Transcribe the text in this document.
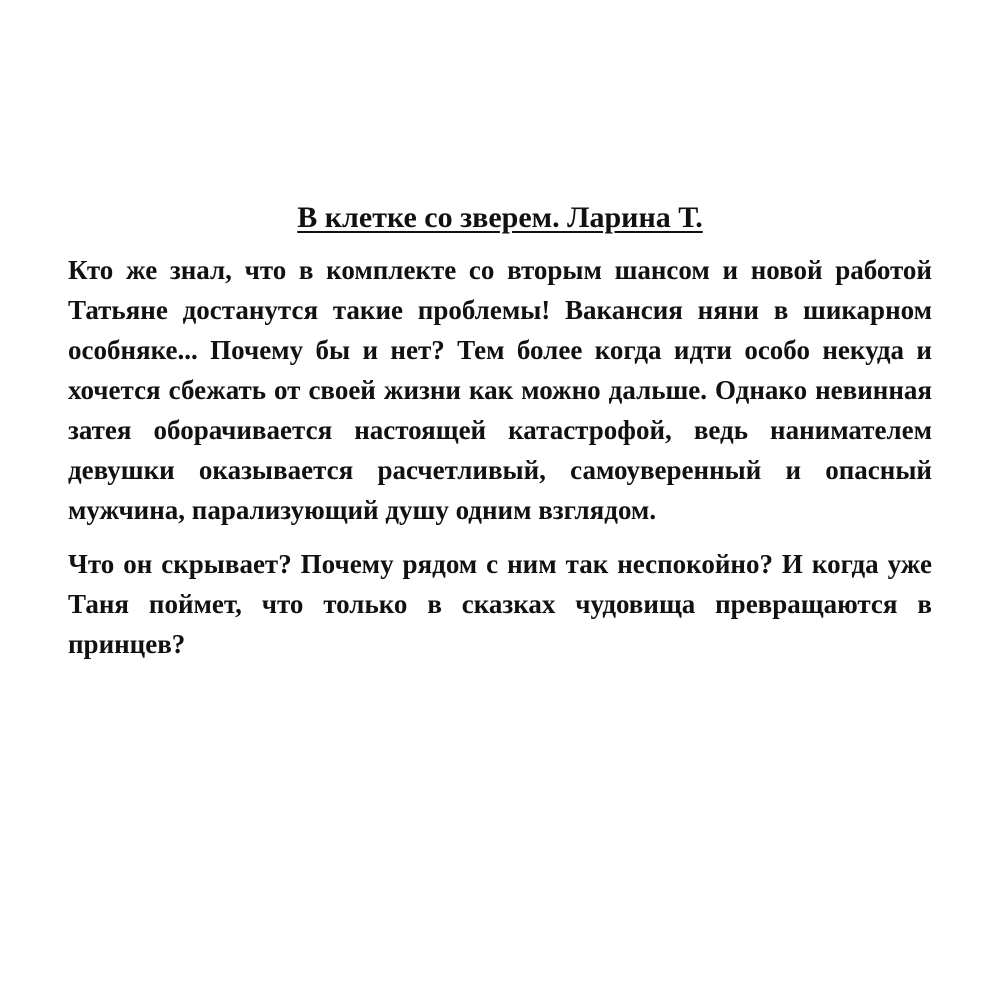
В клетке со зверем. Ларина Т.

Кто же знал, что в комплекте со вторым шансом и новой работой Татьяне достанутся такие проблемы! Вакансия няни в шикарном особняке... Почему бы и нет? Тем более когда идти особо некуда и хочется сбежать от своей жизни как можно дальше. Однако невинная затея оборачивается настоящей катастрофой, ведь нанимателем девушки оказывается расчетливый, самоуверенный и опасный мужчина, парализующий душу одним взглядом.

Что он скрывает? Почему рядом с ним так неспокойно? И когда уже Таня поймет, что только в сказках чудовища превращаются в принцев?
